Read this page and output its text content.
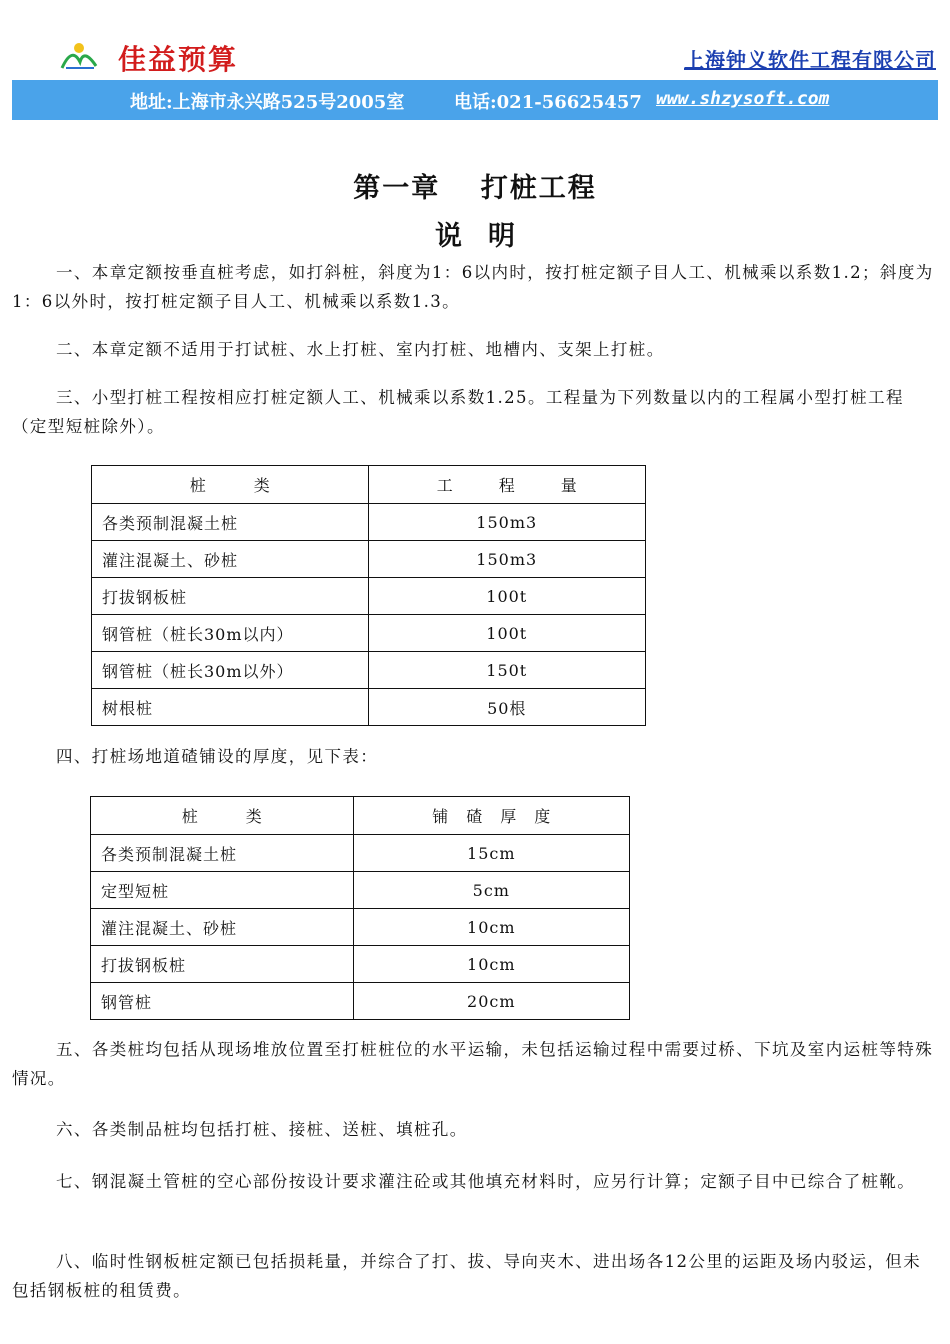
佳益预算	上海钟义软件工程有限公司
地址:上海市永兴路525号2005室	电话:021-56625457 www.shzysoft.com
第一章　 打桩工程
说明

一、本章定额按垂直桩考虑，如打斜桩，斜度为1：6以内时，按打桩定额子目人工、机械乘以系数1.2；斜度为1：6以外时，按打桩定额子目人工、机械乘以系数1.3。

二、本章定额不适用于打试桩、水上打桩、室内打桩、地槽内、支架上打桩。

三、小型打桩工程按相应打桩定额人工、机械乘以系数1.25。工程量为下列数量以内的工程属小型打桩工程（定型短桩除外）。

桩类	工程量
各类预制混凝土桩	150m3
灌注混凝土、砂桩	150m3
打拔钢板桩	100t
钢管桩（桩长30m以内）	100t
钢管桩（桩长30m以外）	150t
树根桩	50根

四、打桩场地道碴铺设的厚度，见下表：

桩类	铺碴厚度
各类预制混凝土桩	15cm
定型短桩	5cm
灌注混凝土、砂桩	10cm
打拔钢板桩	10cm
钢管桩	20cm

五、各类桩均包括从现场堆放位置至打桩桩位的水平运输，未包括运输过程中需要过桥、下坑及室内运桩等特殊情况。

六、各类制品桩均包括打桩、接桩、送桩、填桩孔。

七、钢混凝土管桩的空心部份按设计要求灌注砼或其他填充材料时，应另行计算；定额子目中已综合了桩靴。

八、临时性钢板桩定额已包括损耗量，并综合了打、拔、导向夹木、进出场各12公里的运距及场内驳运，但未包括钢板桩的租赁费。
